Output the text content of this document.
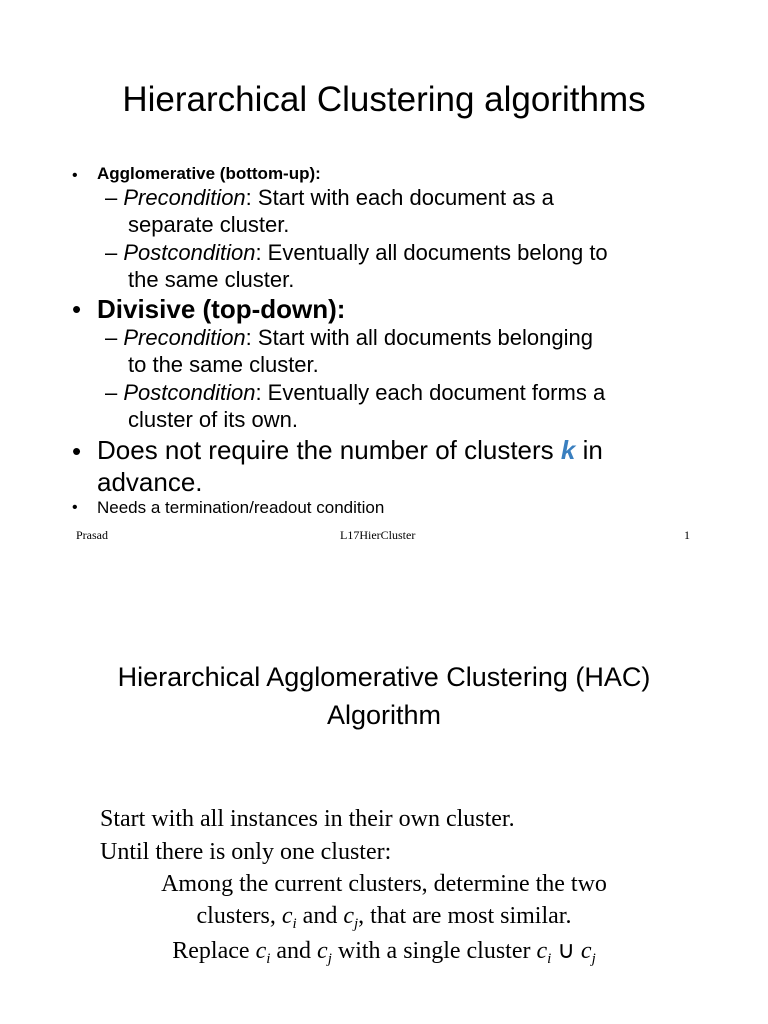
Hierarchical Clustering algorithms
• Agglomerative (bottom-up):
– Precondition: Start with each document as a
separate cluster.
– Postcondition: Eventually all documents belong to
the same cluster.
• Divisive (top-down):
– Precondition: Start with all documents belonging
to the same cluster.
– Postcondition: Eventually each document forms a
cluster of its own.
• Does not require the number of clusters k in
advance.
• Needs a termination/readout condition
Prasad	L17HierCluster	1
Hierarchical Agglomerative Clustering (HAC)
Algorithm
Start with all instances in their own cluster.
Until there is only one cluster:
Among the current clusters, determine the two
clusters, $c_i$ and $c_j$, that are most similar.
Replace $c_i$ and $c_j$ with a single cluster $c_i$ ∪ $c_j$
